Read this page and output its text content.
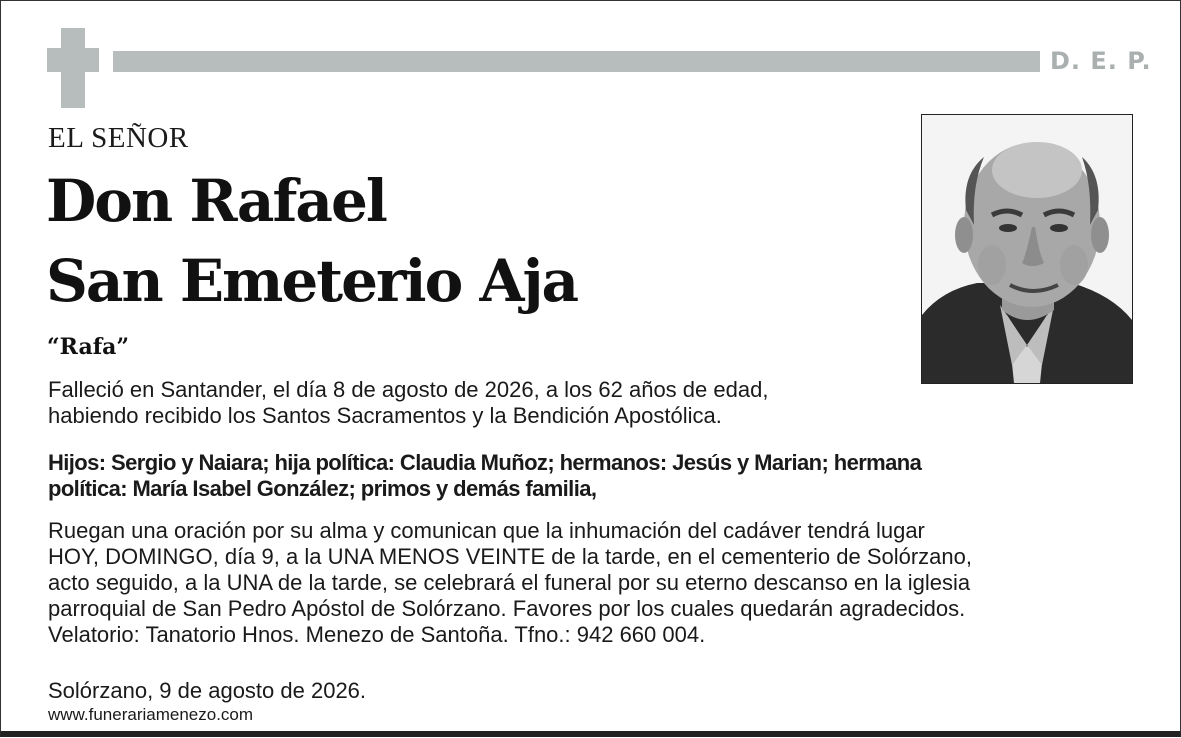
D. E. P.
EL SEÑOR
Don Rafael
San Emeterio Aja
“Rafa”
Falleció en Santander, el día 8 de agosto de 2026, a los 62 años de edad,
habiendo recibido los Santos Sacramentos y la Bendición Apostólica.
Hijos: Sergio y Naiara; hija política: Claudia Muñoz; hermanos: Jesús y Marian; hermana
política: María Isabel González; primos y demás familia,
Ruegan una oración por su alma y comunican que la inhumación del cadáver tendrá lugar
HOY, DOMINGO, día 9, a la UNA MENOS VEINTE de la tarde, en el cementerio de Solórzano,
acto seguido, a la UNA de la tarde, se celebrará el funeral por su eterno descanso en la iglesia
parroquial de San Pedro Apóstol de Solórzano. Favores por los cuales quedarán agradecidos.
Velatorio: Tanatorio Hnos. Menezo de Santoña. Tfno.: 942 660 004.
Solórzano, 9 de agosto de 2026.
www.funerariamenezo.com
